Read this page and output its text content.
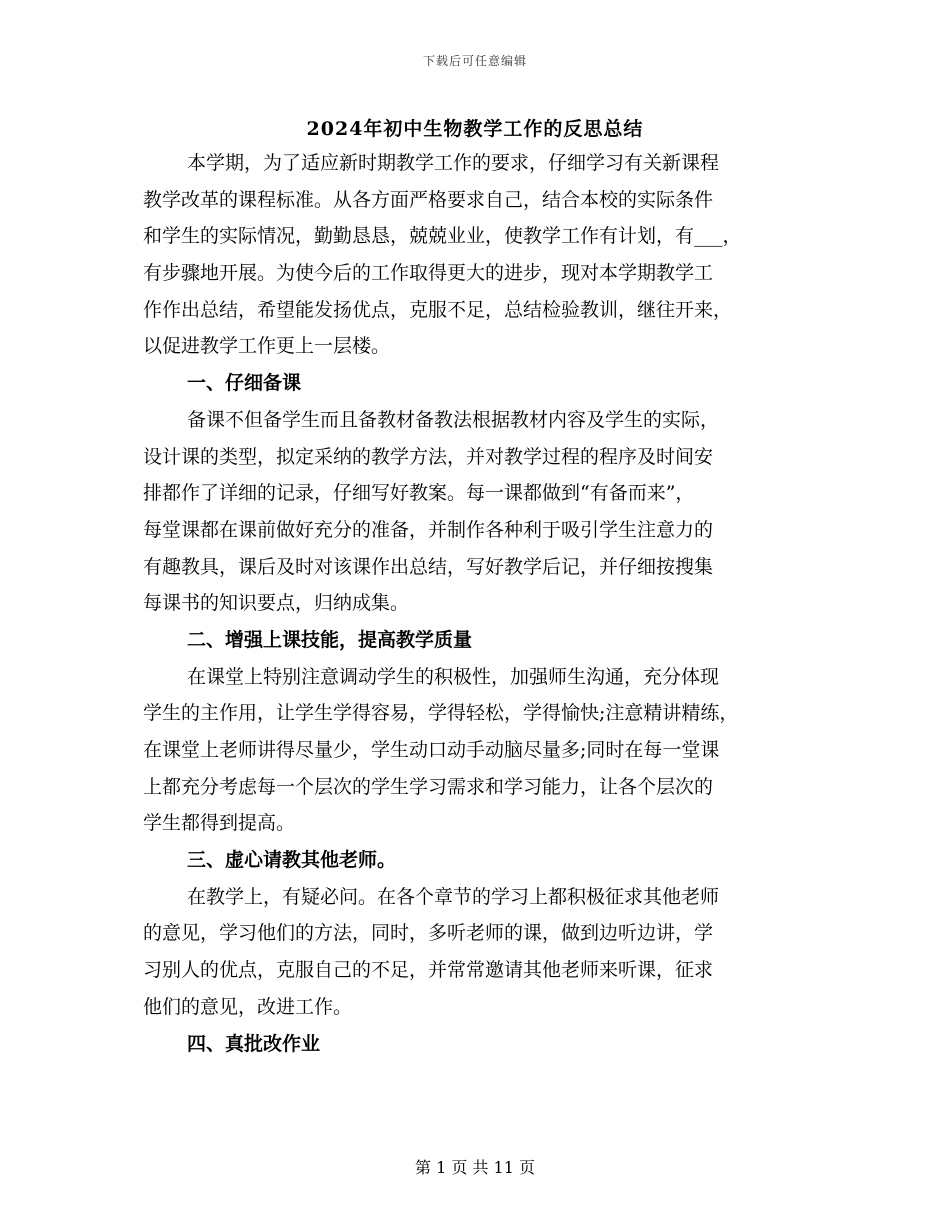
下载后可任意编辑
2024年初中生物教学工作的反思总结
本学期，为了适应新时期教学工作的要求，仔细学习有关新课程
教学改革的课程标准。从各方面严格要求自己，结合本校的实际条件
和学生的实际情况，勤勤恳恳，兢兢业业，使教学工作有计划，有___，
有步骤地开展。为使今后的工作取得更大的进步，现对本学期教学工
作作出总结，希望能发扬优点，克服不足，总结检验教训，继往开来，
以促进教学工作更上一层楼。
一、仔细备课
备课不但备学生而且备教材备教法根据教材内容及学生的实际，
设计课的类型，拟定采纳的教学方法，并对教学过程的程序及时间安
排都作了详细的记录，仔细写好教案。每一课都做到“有备而来”，
每堂课都在课前做好充分的准备，并制作各种利于吸引学生注意力的
有趣教具，课后及时对该课作出总结，写好教学后记，并仔细按搜集
每课书的知识要点，归纳成集。
二、增强上课技能，提高教学质量
在课堂上特别注意调动学生的积极性，加强师生沟通，充分体现
学生的主作用，让学生学得容易，学得轻松，学得愉快;注意精讲精练，
在课堂上老师讲得尽量少，学生动口动手动脑尽量多;同时在每一堂课
上都充分考虑每一个层次的学生学习需求和学习能力，让各个层次的
学生都得到提高。
三、虚心请教其他老师。
在教学上，有疑必问。在各个章节的学习上都积极征求其他老师
的意见，学习他们的方法，同时，多听老师的课，做到边听边讲，学
习别人的优点，克服自己的不足，并常常邀请其他老师来听课，征求
他们的意见，改进工作。
四、真批改作业
第 1 页 共 11 页
